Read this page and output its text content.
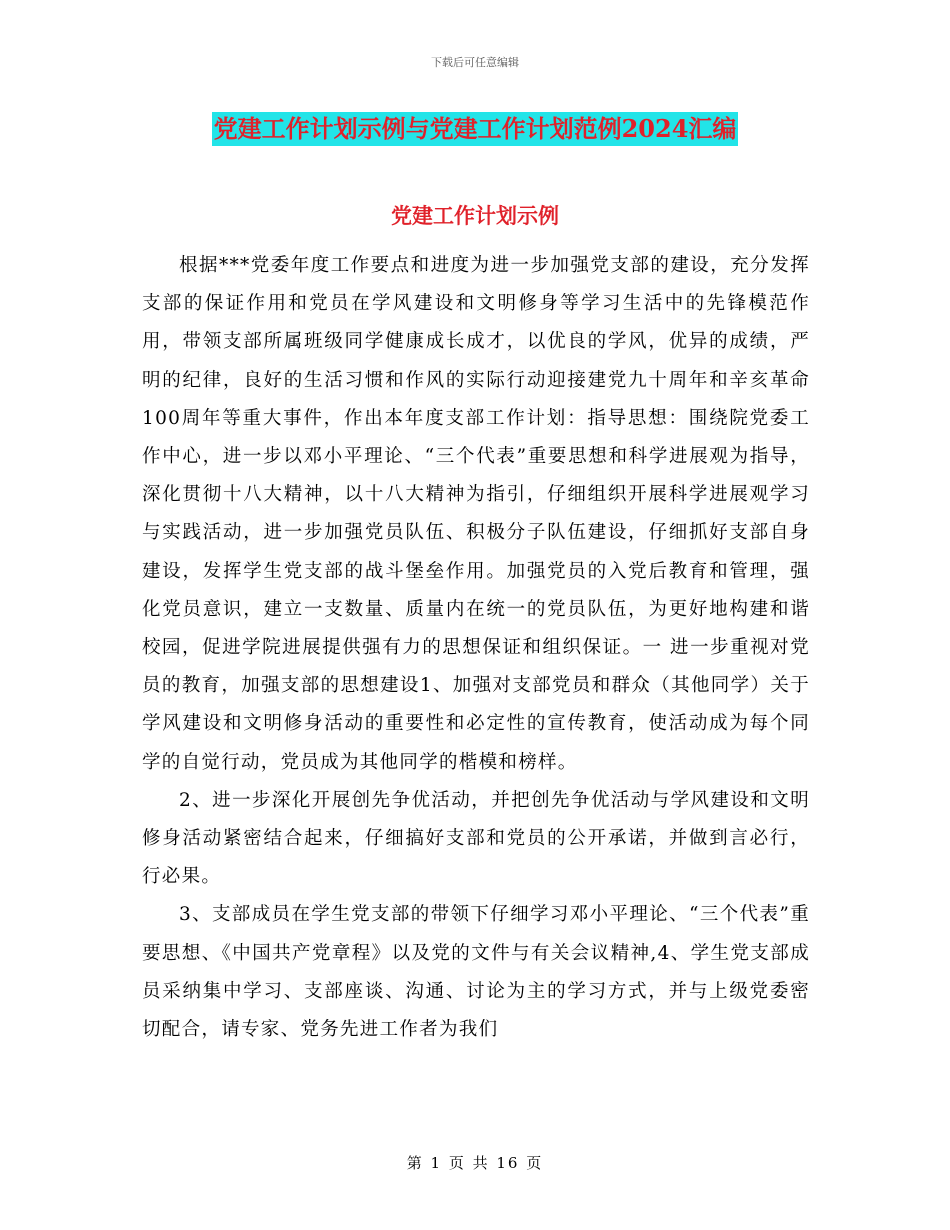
下载后可任意编辑
党建工作计划示例与党建工作计划范例2024汇编
党建工作计划示例

根据***党委年度工作要点和进度为进一步加强党支部的建设，充分发挥支部的保证作用和党员在学风建设和文明修身等学习生活中的先锋模范作用，带领支部所属班级同学健康成长成才，以优良的学风，优异的成绩，严明的纪律，良好的生活习惯和作风的实际行动迎接建党九十周年和辛亥革命100周年等重大事件，作出本年度支部工作计划：指导思想：围绕院党委工作中心，进一步以邓小平理论、“三个代表”重要思想和科学进展观为指导，深化贯彻十八大精神，以十八大精神为指引，仔细组织开展科学进展观学习与实践活动，进一步加强党员队伍、积极分子队伍建设，仔细抓好支部自身建设，发挥学生党支部的战斗堡垒作用。加强党员的入党后教育和管理，强化党员意识，建立一支数量、质量内在统一的党员队伍，为更好地构建和谐校园，促进学院进展提供强有力的思想保证和组织保证。一 进一步重视对党员的教育，加强支部的思想建设1、加强对支部党员和群众（其他同学）关于学风建设和文明修身活动的重要性和必定性的宣传教育，使活动成为每个同学的自觉行动，党员成为其他同学的楷模和榜样。

2、进一步深化开展创先争优活动，并把创先争优活动与学风建设和文明修身活动紧密结合起来，仔细搞好支部和党员的公开承诺，并做到言必行，行必果。

3、支部成员在学生党支部的带领下仔细学习邓小平理论、“三个代表”重要思想、《中国共产党章程》以及党的文件与有关会议精神,4、学生党支部成员采纳集中学习、支部座谈、沟通、讨论为主的学习方式，并与上级党委密切配合，请专家、党务先进工作者为我们

第 1 页 共 16 页
